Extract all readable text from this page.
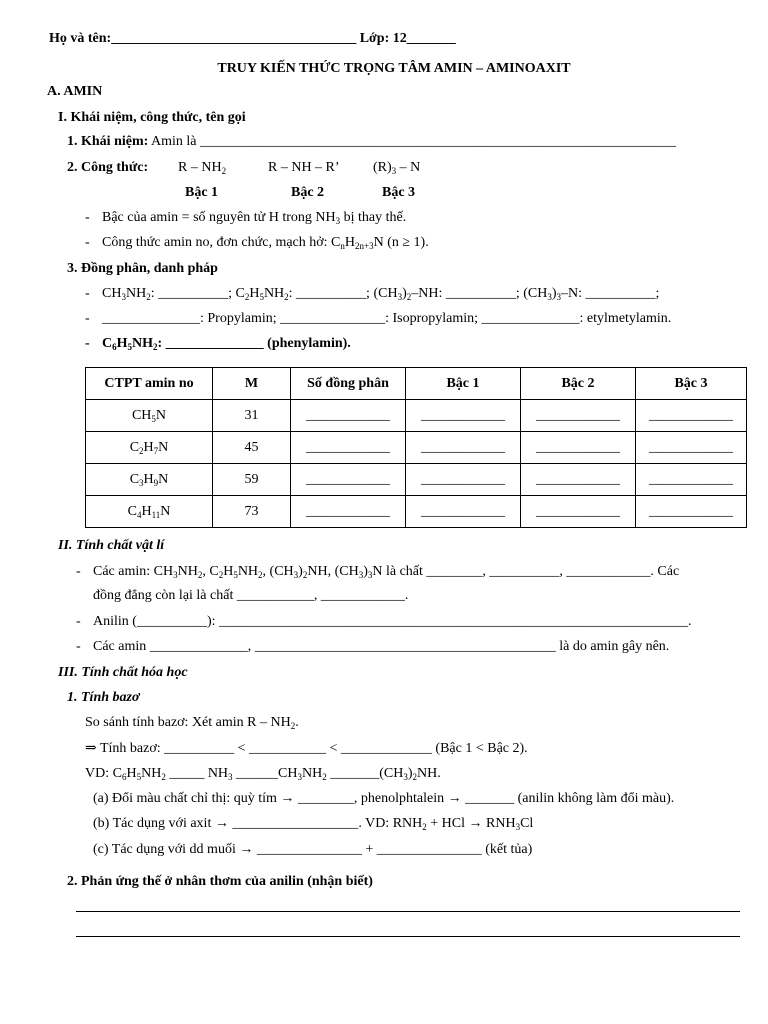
Họ và tên:___________________________________ Lớp: 12_______
TRUY KIẾN THỨC TRỌNG TÂM AMIN – AMINOAXIT
A. AMIN
I. Khái niệm, công thức, tên gọi
1. Khái niệm: Amin là ____________________________________________________________________
2. Công thức: R – $NH_2$	R – NH – R’ $(R)_3$ – N
Bậc 1	Bậc 2	Bậc 3
- Bậc của amin = số nguyên tử H trong $NH_3$ bị thay thế.
- Công thức amin no, đơn chức, mạch hở: $C_nH_{2n+3}N$ (n ≥ 1).
3. Đồng phân, danh pháp
- $CH_3NH_2$: __________; $C_2H_5NH_2$: __________; $(CH_3)_2-NH$: __________; $(CH_3)_3-N$: __________;
- ______________: Propylamin; _______________: Isopropylamin; ______________: etylmetylamin.
- $C_6H_5NH_2$: ______________ (phenylamin).
CTPT amin no	M	Số đồng phân	Bậc 1	Bậc 2	Bậc 3
$CH_5N$	31	____________	____________	____________	____________
$C_2H_7N$	45	____________	____________	____________	____________
$C_3H_9N$	59	____________	____________	____________	____________
$C_4H_{11}N$	73	____________	____________	____________	____________
II. Tính chất vật lí
- Các amin: $CH_3NH_2$, $C_2H_5NH_2$, $(CH_3)_2NH$, $(CH_3)_3N$ là chất ________, __________, ____________. Các
đồng đẳng còn lại là chất ___________, ____________.
- Anilin (__________): ___________________________________________________________________.
- Các amin ______________, ___________________________________________ là do amin gây nên.
III. Tính chất hóa học
1. Tính bazơ
So sánh tính bazơ: Xét amin R – $NH_2$.
⇒ Tính bazơ: __________ < ___________ < _____________ (Bậc 1 < Bậc 2).
VD: $C_6H_5NH_2$ _____ $NH_3$ $\_\_\_\_\_\_CH_3NH_2$ $\_\_\_\_\_\_\_(CH_3)_2NH$.
(a) Đổi màu chất chỉ thị: quỳ tím → ________, phenolphtalein → _______ (anilin không làm đổi màu).
(b) Tác dụng với axit → __________________. VD: $RNH_2$ + HCl → $RNH_3Cl$
(c) Tác dụng với dd muối → _______________ + _______________ (kết tủa)
2. Phản ứng thế ở nhân thơm của anilin (nhận biết)
